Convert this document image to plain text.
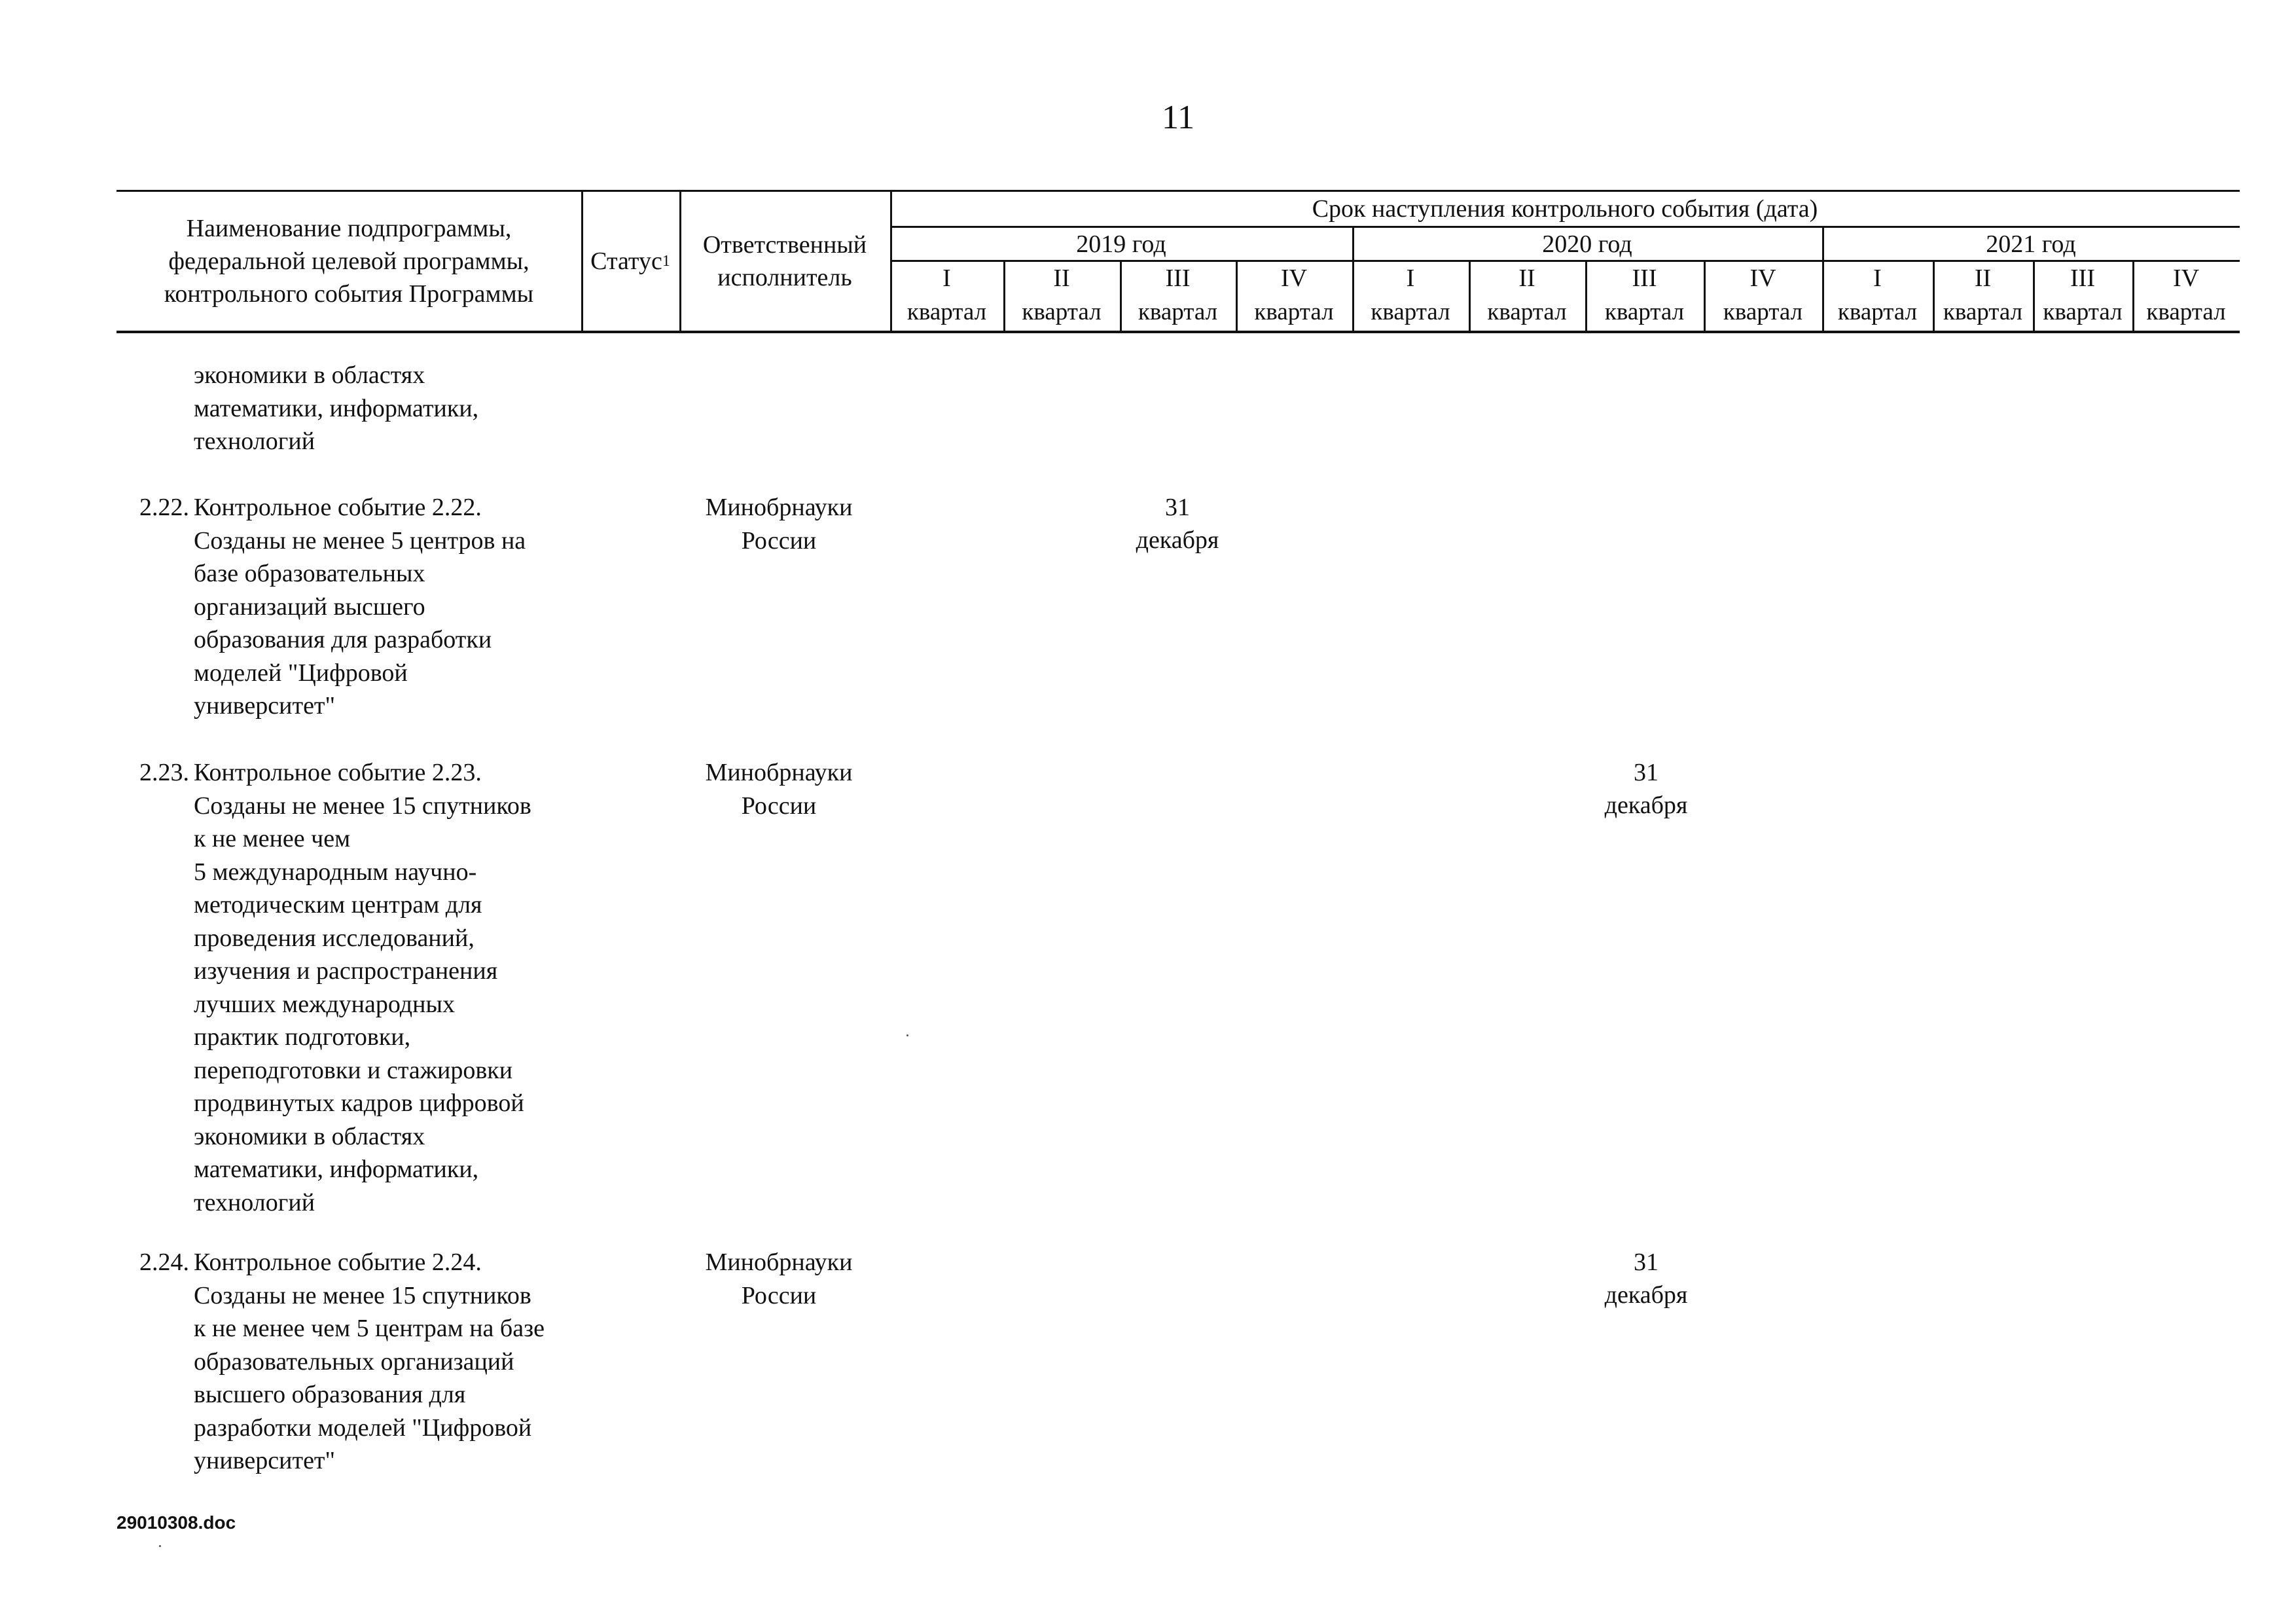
11
Наименование подпрограммы, федеральной целевой программы, контрольного события Программы
Статус 1
Ответственный исполнитель
Срок наступления контрольного события (дата)
2019 год	2020 год	2021 год
I
квартал
II
квартал
III
квартал
IV
квартал
I
квартал
II
квартал
III
квартал
IV
квартал
I
квартал
II
квартал
III
квартал
IV
квартал
экономики в областях
математики, информатики,
технологий
2.22. Контрольное событие 2.22.
Созданы не менее 5 центров на
базе образовательных
организаций высшего
образования для разработки
моделей "Цифровой
университет"
Минобрнауки
России
31
декабря
2.23. Контрольное событие 2.23.
Созданы не менее 15 спутников
к не менее чем
5 международным научно-
методическим центрам для
проведения исследований,
изучения и распространения
лучших международных
практик подготовки,
переподготовки и стажировки
продвинутых кадров цифровой
экономики в областях
математики, информатики,
технологий
Минобрнауки
России
31
декабря
2.24. Контрольное событие 2.24.
Созданы не менее 15 спутников
к не менее чем 5 центрам на базе
образовательных организаций
высшего образования для
разработки моделей "Цифровой
университет"
Минобрнауки
России
31
декабря
29010308.doc
